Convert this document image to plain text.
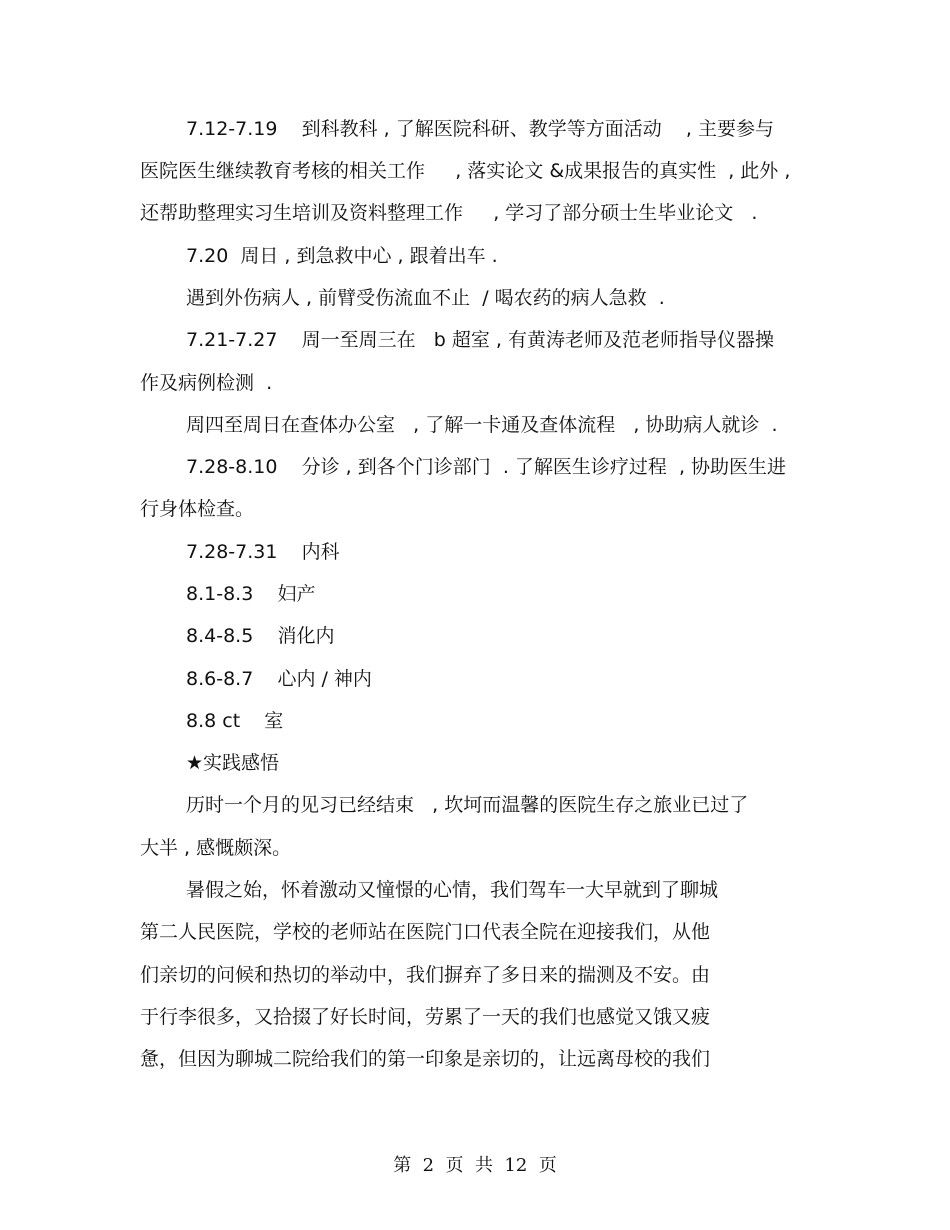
7.12-7.19    到科教科 , 了解医院科研、教学等方面活动    , 主要参与
医院医生继续教育考核的相关工作     , 落实论文 &成果报告的真实性  , 此外 ,
还帮助整理实习生培训及资料整理工作     , 学习了部分硕士生毕业论文   .
7.20  周日 , 到急救中心 , 跟着出车 .
遇到外伤病人 , 前臂受伤流血不止  / 喝农药的病人急救  .
7.21-7.27    周一至周三在   b 超室 , 有黄涛老师及范老师指导仪器操
作及病例检测  .
周四至周日在查体办公室   , 了解一卡通及查体流程   , 协助病人就诊  .
7.28-8.10    分诊 , 到各个门诊部门  . 了解医生诊疗过程  , 协助医生进
行身体检查。
7.28-7.31    内科
8.1-8.3    妇产
8.4-8.5    消化内
8.6-8.7    心内 / 神内
8.8 ct    室
★实践感悟
历时一个月的见习已经结束   , 坎坷而温馨的医院生存之旅业已过了
大半 , 感慨颇深。
暑假之始，怀着激动又憧憬的心情，我们驾车一大早就到了聊城
第二人民医院，学校的老师站在医院门口代表全院在迎接我们，从他
们亲切的问候和热切的举动中，我们摒弃了多日来的揣测及不安。由
于行李很多，又拾掇了好长时间，劳累了一天的我们也感觉又饿又疲
惫，但因为聊城二院给我们的第一印象是亲切的，让远离母校的我们
第  2  页  共  12  页
